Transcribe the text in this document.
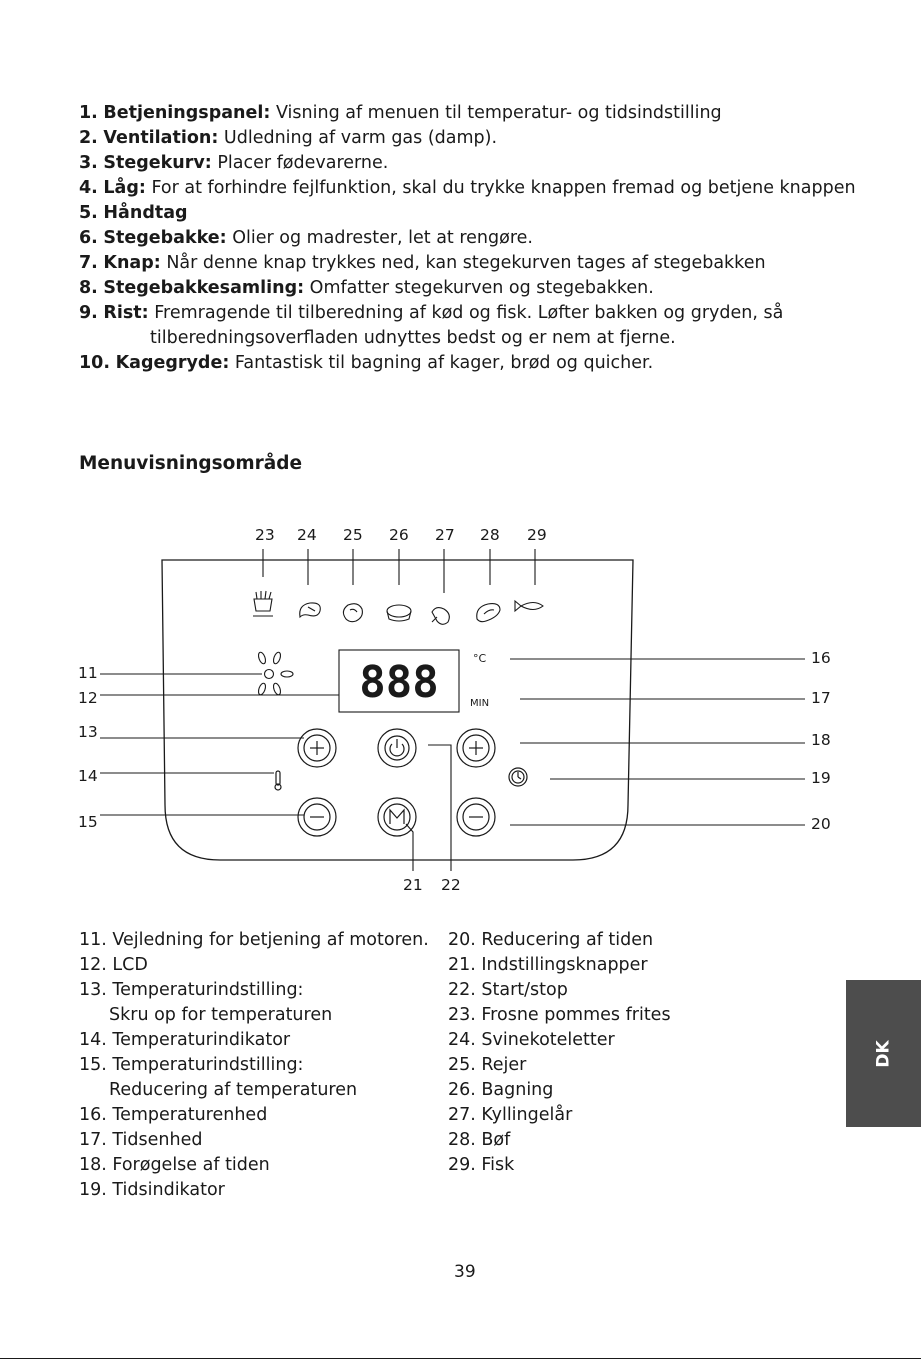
1. Betjeningspanel: Visning af menuen til temperatur- og tidsindstilling
2. Ventilation: Udledning af varm gas (damp).
3. Stegekurv: Placer fødevarerne.
4. Låg: For at forhindre fejlfunktion, skal du trykke knappen fremad og betjene knappen
5. Håndtag
6. Stegebakke: Olier og madrester, let at rengøre.
7. Knap: Når denne knap trykkes ned, kan stegekurven tages af stegebakken
8. Stegebakkesamling: Omfatter stegekurven og stegebakken.
9. Rist: Fremragende til tilberedning af kød og fisk. Løfter bakken og gryden, så
tilberedningsoverfladen udnyttes bedst og er nem at fjerne.
10. Kagegryde: Fantastisk til bagning af kager, brød og quicher.
Menuvisningsområde
23 24 25 26 27 28 29
888	°C
MIN
11
12
13
14
15
16
17
18
19
20
21 22
11. Vejledning for betjening af motoren.
12. LCD
13. Temperaturindstilling:
Skru op for temperaturen
14. Temperaturindikator
15. Temperaturindstilling:
Reducering af temperaturen
16. Temperaturenhed
17. Tidsenhed
18. Forøgelse af tiden
19. Tidsindikator
20. Reducering af tiden
21. Indstillingsknapper
22. Start/stop
23. Frosne pommes frites
24. Svinekoteletter
25. Rejer
26. Bagning
27. Kyllingelår
28. Bøf
29. Fisk
DK
39
